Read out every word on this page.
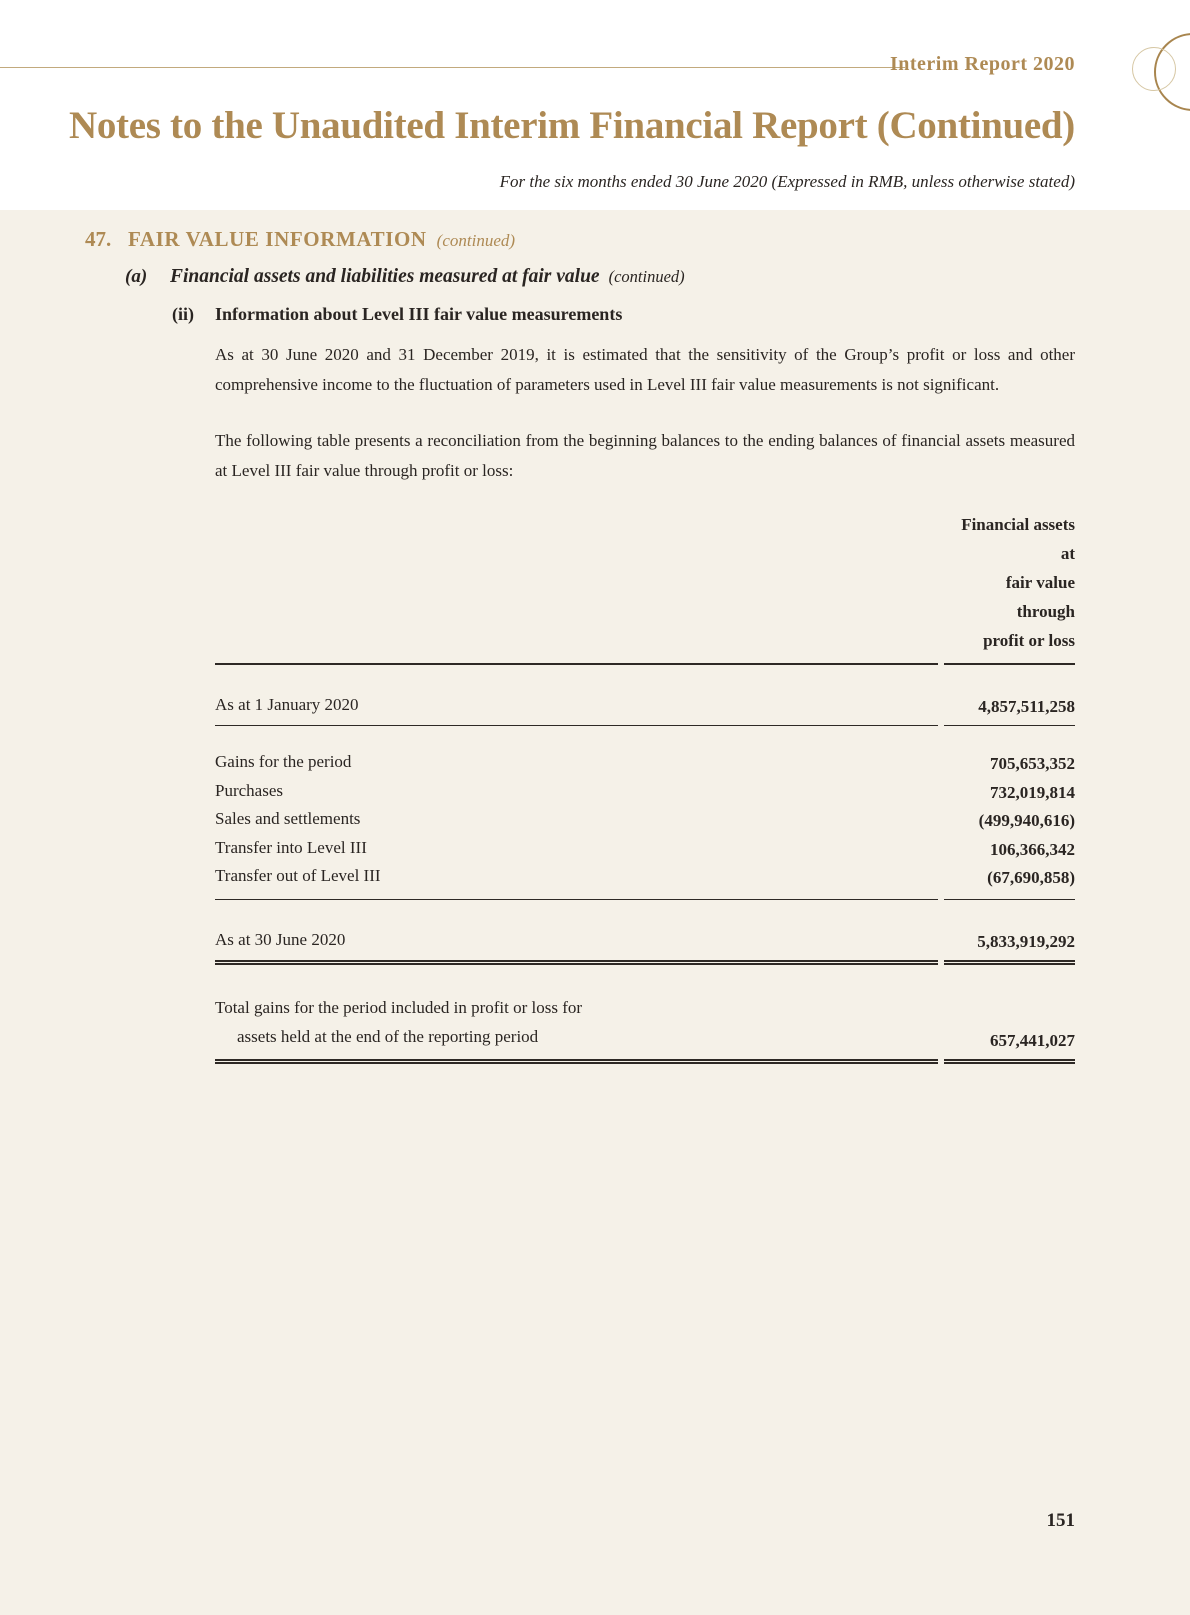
Interim Report 2020
Notes to the Unaudited Interim Financial Report (Continued)
For the six months ended 30 June 2020 (Expressed in RMB, unless otherwise stated)
47. FAIR VALUE INFORMATION (continued)
(a)	Financial assets and liabilities measured at fair value (continued)
(ii)	Information about Level III fair value measurements

As at 30 June 2020 and 31 December 2019, it is estimated that the sensitivity of the Group’s profit or loss and other comprehensive income to the fluctuation of parameters used in Level III fair value measurements is not significant.

The following table presents a reconciliation from the beginning balances to the ending balances of financial assets measured at Level III fair value through profit or loss:

Financial assets at
fair value through
profit or loss
As at 1 January 2020	4,857,511,258
Gains for the period	705,653,352
Purchases	732,019,814
Sales and settlements	(499,940,616)
Transfer into Level III	106,366,342
Transfer out of Level III	(67,690,858)
As at 30 June 2020	5,833,919,292
Total gains for the period included in profit or loss for
assets held at the end of the reporting period	657,441,027
151
